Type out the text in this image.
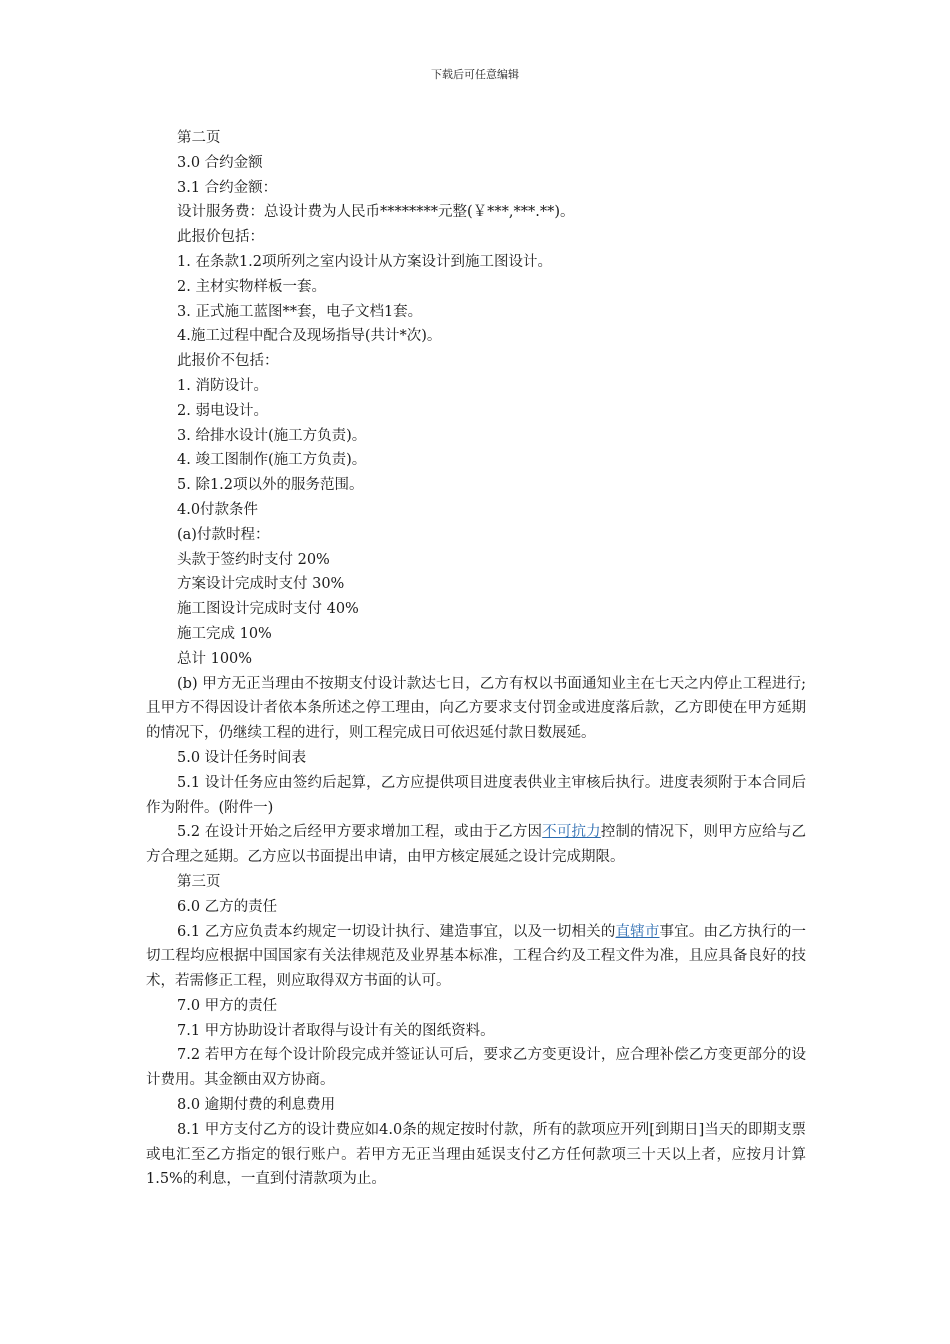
下载后可任意编辑
第二页
3.0 合约金额
3.1 合约金额：
设计服务费：总设计费为人民币********元整(￥***,***.**)。
此报价包括：
1. 在条款1.2项所列之室内设计从方案设计到施工图设计。
2. 主材实物样板一套。
3. 正式施工蓝图**套，电子文档1套。
4.施工过程中配合及现场指导(共计*次)。
此报价不包括：
1. 消防设计。
2. 弱电设计。
3. 给排水设计(施工方负责)。
4. 竣工图制作(施工方负责)。
5. 除1.2项以外的服务范围。
4.0付款条件
(a)付款时程：
头款于签约时支付 20%
方案设计完成时支付 30%
施工图设计完成时支付 40%
施工完成 10%
总计 100%
(b) 甲方无正当理由不按期支付设计款达七日，乙方有权以书面通知业主在七天之内停止工程进行;且甲方不得因设计者依本条所述之停工理由，向乙方要求支付罚金或进度落后款，乙方即使在甲方延期的情况下，仍继续工程的进行，则工程完成日可依迟延付款日数展延。
5.0 设计任务时间表
5.1 设计任务应由签约后起算，乙方应提供项目进度表供业主审核后执行。进度表须附于本合同后作为附件。(附件一)
5.2 在设计开始之后经甲方要求增加工程，或由于乙方因不可抗力控制的情况下，则甲方应给与乙方合理之延期。乙方应以书面提出申请，由甲方核定展延之设计完成期限。
第三页
6.0 乙方的责任
6.1 乙方应负责本约规定一切设计执行、建造事宜，以及一切相关的直辖市事宜。由乙方执行的一切工程均应根据中国国家有关法律规范及业界基本标准，工程合约及工程文件为准，且应具备良好的技术，若需修正工程，则应取得双方书面的认可。
7.0 甲方的责任
7.1 甲方协助设计者取得与设计有关的图纸资料。
7.2 若甲方在每个设计阶段完成并签证认可后，要求乙方变更设计，应合理补偿乙方变更部分的设计费用。其金额由双方协商。
8.0 逾期付费的利息费用
8.1 甲方支付乙方的设计费应如4.0条的规定按时付款，所有的款项应开列[到期日]当天的即期支票或电汇至乙方指定的银行账户。若甲方无正当理由延误支付乙方任何款项三十天以上者，应按月计算1.5%的利息，一直到付清款项为止。
